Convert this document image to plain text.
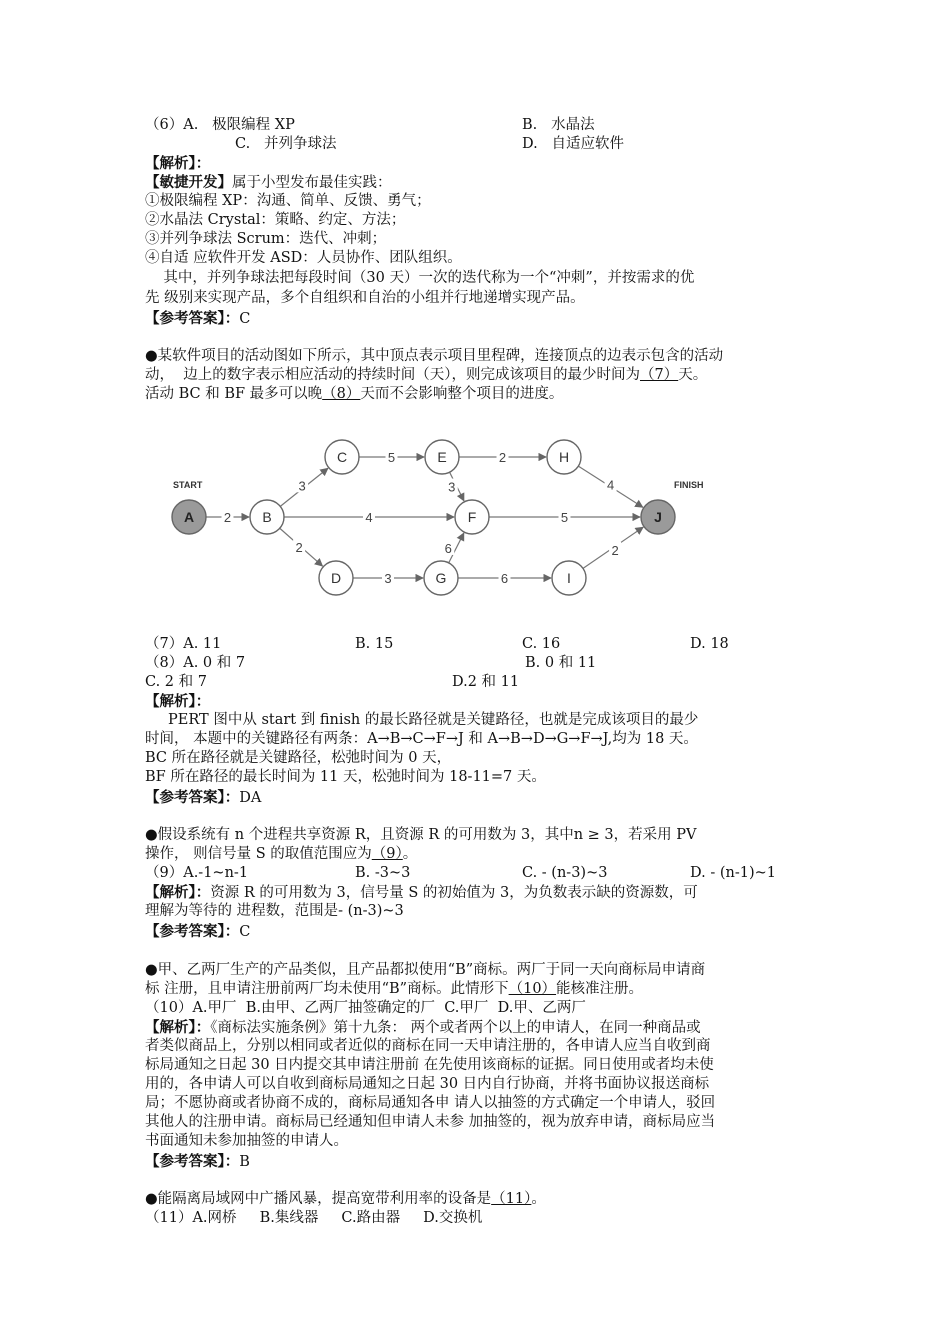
（6）A.   极限编程 XP	B.   水晶法
C.   并列争球法	D.   自适应软件
【解析】：
【敏捷开发】属于小型发布最佳实践：
①极限编程 XP：沟通、简单、反馈、勇气；
②水晶法 Crystal：策略、约定、方法；
③并列争球法 Scrum：迭代、冲刺；
④自适 应软件开发 ASD：人员协作、团队组织。
其中，并列争球法把每段时间（30 天）一次的迭代称为一个“冲刺”，并按需求的优
先 级别来实现产品，多个自组织和自治的小组并行地递增实现产品。
【参考答案】：C
●某软件项目的活动图如下所示，其中顶点表示项目里程碑，连接顶点的边表示包含的活动
动，  边上的数字表示相应活动的持续时间（天），则完成该项目的最少时间为（7）天。
活动 BC 和 BF 最多可以晚（8）天而不会影响整个项目的进度。
START	FINISH
2
3
4
2
5	2
3
3
6
6
4
5
2
A	B
C
D
E
F
G
H
I
J
（7）A. 11	B. 15	C. 16	D. 18
（8）A. 0 和 7	B. 0 和 11
C. 2 和 7	D.2 和 11
【解析】：
PERT 图中从 start 到 finish 的最长路径就是关键路径，也就是完成该项目的最少
时间， 本题中的关键路径有两条：A→B→C→F→J 和 A→B→D→G→F→J,均为 18 天。
BC 所在路径就是关键路径，松弛时间为 0 天，
BF 所在路径的最长时间为 11 天，松弛时间为 18-11=7 天。
【参考答案】：DA
●假设系统有 n 个进程共享资源 R，且资源 R 的可用数为 3，其中n ≥ 3，若采用 PV
操作， 则信号量 S 的取值范围应为（9）。
（9）A.-1~n-1	B. -3~3	C. - (n-3)~3	D. - (n-1)~1
【解析】：资源 R 的可用数为 3，信号量 S 的初始值为 3，为负数表示缺的资源数，可
理解为等待的 进程数，范围是- (n-3)~3
【参考答案】：C
●甲、乙两厂生产的产品类似，且产品都拟使用“B”商标。两厂于同一天向商标局申请商
标 注册，且申请注册前两厂均未使用“B”商标。此情形下（10）能核准注册。
（10）A.甲厂  B.由甲、乙两厂抽签确定的厂  C.甲厂  D.甲、乙两厂
【解析】：《商标法实施条例》第十九条： 两个或者两个以上的申请人，在同一种商品或
者类似商品上，分别以相同或者近似的商标在同一天申请注册的，各申请人应当自收到商
标局通知之日起 30 日内提交其申请注册前 在先使用该商标的证据。同日使用或者均未使
用的，各申请人可以自收到商标局通知之日起 30 日内自行协商，并将书面协议报送商标
局；不愿协商或者协商不成的，商标局通知各申 请人以抽签的方式确定一个申请人，驳回
其他人的注册申请。商标局已经通知但申请人未参 加抽签的，视为放弃申请，商标局应当
书面通知未参加抽签的申请人。
【参考答案】：B
●能隔离局域网中广播风暴，提高宽带利用率的设备是（11）。
（11）A.网桥     B.集线器     C.路由器     D.交换机
